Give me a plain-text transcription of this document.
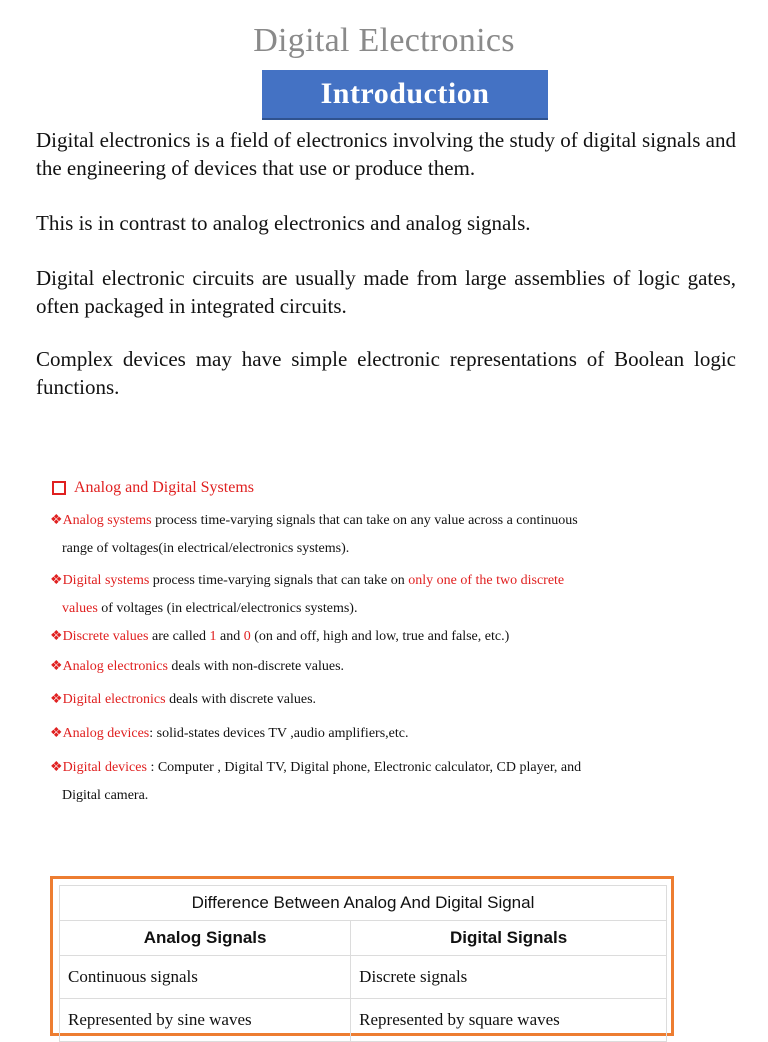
Digital Electronics
Introduction
Digital electronics is a field of electronics involving the study of digital signals and the engineering of devices that use or produce them.
This is in contrast to analog electronics and analog signals.
Digital electronic circuits are usually made from large assemblies of logic gates, often packaged in integrated circuits.
Complex devices may have simple electronic representations of Boolean logic functions.
Analog and Digital Systems
❖Analog systems process time-varying signals that can take on any value across a continuous
range of voltages(in electrical/electronics systems).
❖Digital systems process time-varying signals that can take on only one of the two discrete
values of voltages (in electrical/electronics systems).
❖Discrete values are called 1 and 0 (on and off, high and low, true and false, etc.)
❖Analog electronics deals with non-discrete values.
❖Digital electronics deals with discrete values.
❖Analog devices: solid-states devices TV ,audio amplifiers,etc.
❖Digital devices : Computer , Digital TV, Digital phone, Electronic calculator, CD player, and
Digital camera.
Difference Between Analog And Digital Signal	
Analog Signals	Digital Signals
Continuous signals	Discrete signals
Represented by sine waves	Represented by square waves
